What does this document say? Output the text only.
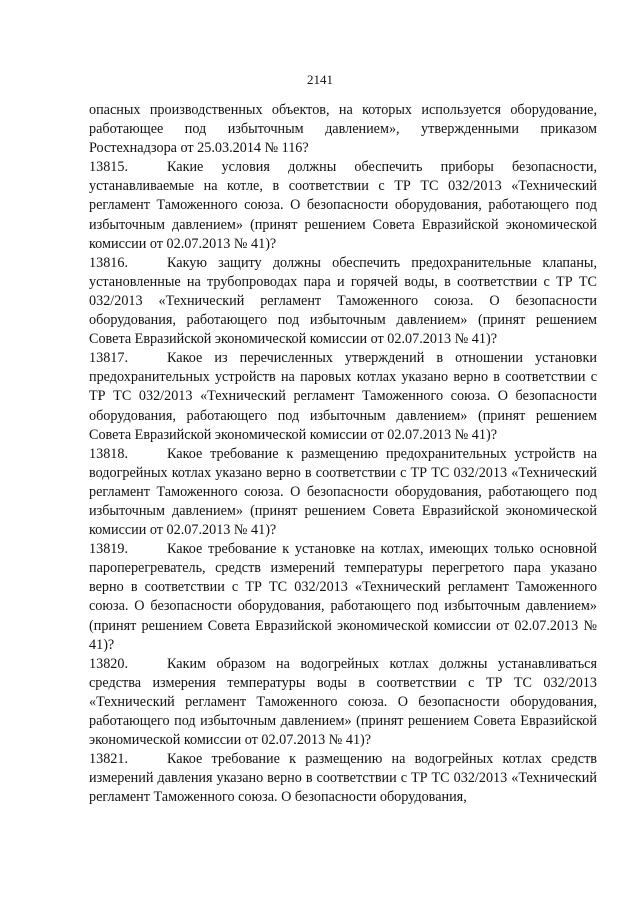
2141

опасных производственных объектов, на которых используется оборудование, работающее под избыточным давлением», утвержденными приказом Ростехнадзора от 25.03.2014 № 116?

13815.	Какие условия должны обеспечить приборы безопасности, устанавливаемые на котле, в соответствии с ТР ТС 032/2013 «Технический регламент Таможенного союза. О безопасности оборудования, работающего под избыточным давлением» (принят решением Совета Евразийской экономической комиссии от 02.07.2013 № 41)?

13816.	Какую защиту должны обеспечить предохранительные клапаны, установленные на трубопроводах пара и горячей воды, в соответствии с ТР ТС 032/2013 «Технический регламент Таможенного союза. О безопасности оборудования, работающего под избыточным давлением» (принят решением Совета Евразийской экономической комиссии от 02.07.2013 № 41)?

13817.	Какое из перечисленных утверждений в отношении установки предохранительных устройств на паровых котлах указано верно в соответствии с ТР ТС 032/2013 «Технический регламент Таможенного союза. О безопасности оборудования, работающего под избыточным давлением» (принят решением Совета Евразийской экономической комиссии от 02.07.2013 № 41)?

13818.	Какое требование к размещению предохранительных устройств на водогрейных котлах указано верно в соответствии с ТР ТС 032/2013 «Технический регламент Таможенного союза. О безопасности оборудования, работающего под избыточным давлением» (принят решением Совета Евразийской экономической комиссии от 02.07.2013 № 41)?

13819.	Какое требование к установке на котлах, имеющих только основной пароперегреватель, средств измерений температуры перегретого пара указано верно в соответствии с ТР ТС 032/2013 «Технический регламент Таможенного союза. О безопасности оборудования, работающего под избыточным давлением» (принят решением Совета Евразийской экономической комиссии от 02.07.2013 № 41)?

13820.	Каким образом на водогрейных котлах должны устанавливаться средства измерения температуры воды в соответствии с ТР ТС 032/2013 «Технический регламент Таможенного союза. О безопасности оборудования, работающего под избыточным давлением» (принят решением Совета Евразийской экономической комиссии от 02.07.2013 № 41)?

13821.	Какое требование к размещению на водогрейных котлах средств измерений давления указано верно в соответствии с ТР ТС 032/2013 «Технический регламент Таможенного союза. О безопасности оборудования,
